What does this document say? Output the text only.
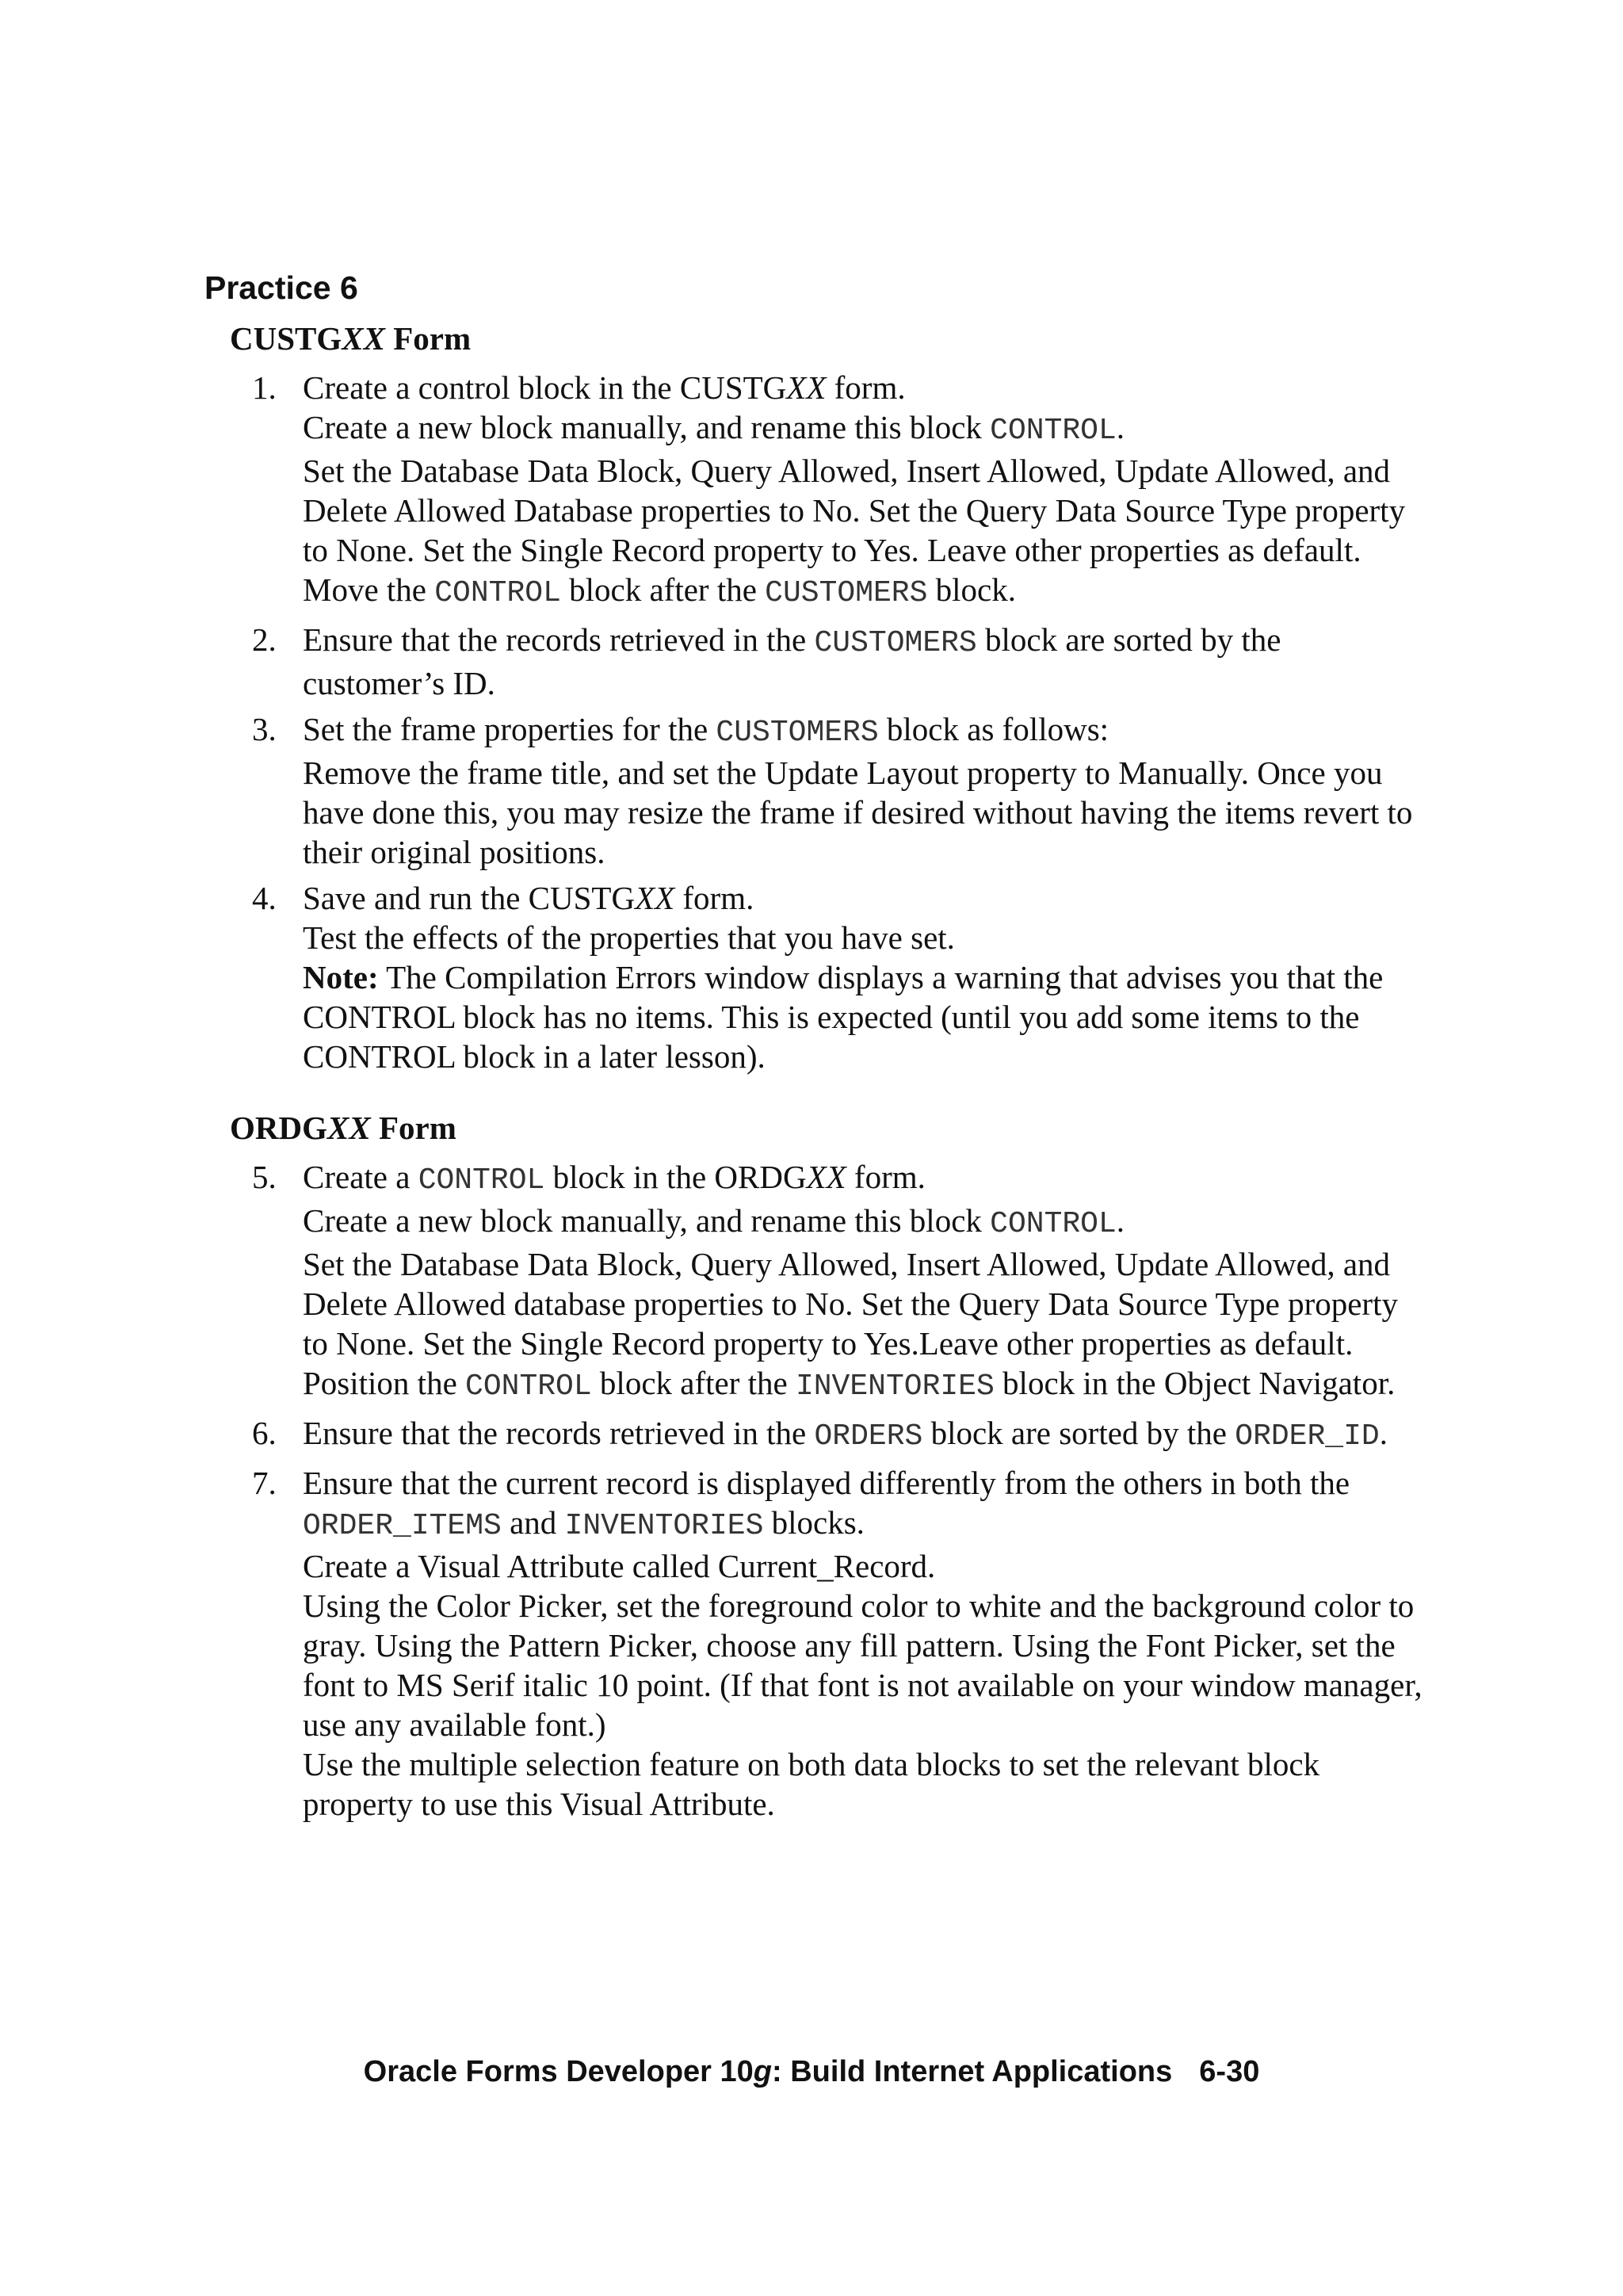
Practice 6
CUSTGXX Form
1. Create a control block in the CUSTGXX form.

Create a new block manually, and rename this block CONTROL.

Set the Database Data Block, Query Allowed, Insert Allowed, Update Allowed, and Delete Allowed Database properties to No. Set the Query Data Source Type property to None. Set the Single Record property to Yes. Leave other properties as default.

Move the CONTROL block after the CUSTOMERS block.

2. Ensure that the records retrieved in the CUSTOMERS block are sorted by the customer’s ID.

3. Set the frame properties for the CUSTOMERS block as follows:

Remove the frame title, and set the Update Layout property to Manually. Once you have done this, you may resize the frame if desired without having the items revert to their original positions.

4. Save and run the CUSTGXX form.

Test the effects of the properties that you have set.

Note: The Compilation Errors window displays a warning that advises you that the CONTROL block has no items. This is expected (until you add some items to the CONTROL block in a later lesson).

ORDGXX Form
5. Create a CONTROL block in the ORDGXX form.

Create a new block manually, and rename this block CONTROL.

Set the Database Data Block, Query Allowed, Insert Allowed, Update Allowed, and Delete Allowed database properties to No. Set the Query Data Source Type property to None. Set the Single Record property to Yes.Leave other properties as default.

Position the CONTROL block after the INVENTORIES block in the Object Navigator.

6. Ensure that the records retrieved in the ORDERS block are sorted by the ORDER_ID.

7. Ensure that the current record is displayed differently from the others in both the ORDER_ITEMS and INVENTORIES blocks.

Create a Visual Attribute called Current_Record.

Using the Color Picker, set the foreground color to white and the background color to gray. Using the Pattern Picker, choose any fill pattern. Using the Font Picker, set the font to MS Serif italic 10 point. (If that font is not available on your window manager, use any available font.)

Use the multiple selection feature on both data blocks to set the relevant block property to use this Visual Attribute.

Oracle Forms Developer 10g: Build Internet Applications 6-30
